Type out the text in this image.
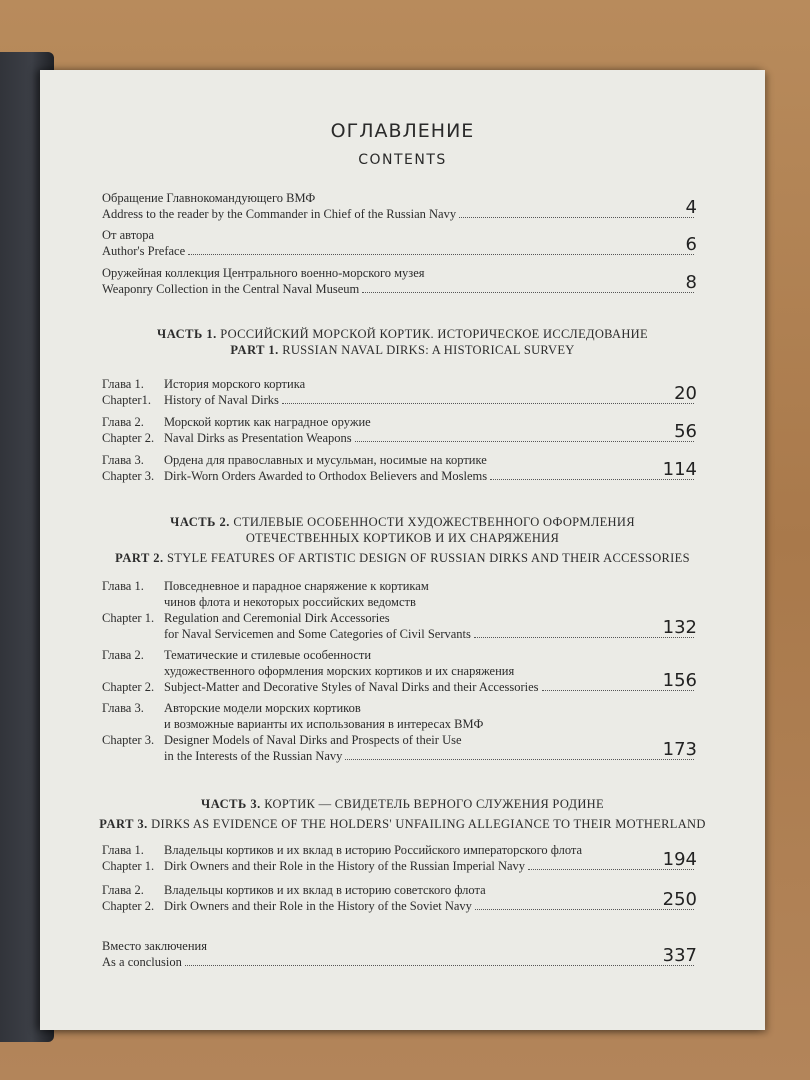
ОГЛАВЛЕНИЕ
CONTENTS
Обращение Главнокомандующего ВМФ
Address to the reader by the Commander in Chief of the Russian Navy	4
От автора
Author's Preface	6
Оружейная коллекция Центрального военно-морского музея
Weaponry Collection in the Central Naval Museum	8
ЧАСТЬ 1. РОССИЙСКИЙ МОРСКОЙ КОРТИК. ИСТОРИЧЕСКОЕ ИССЛЕДОВАНИЕ
PART 1. RUSSIAN NAVAL DIRKS: A HISTORICAL SURVEY
Глава 1.	История морского кортика
Chapter1.	History of Naval Dirks	20
Глава 2.	Морской кортик как наградное оружие
Chapter 2. Naval Dirks as Presentation Weapons	56
Глава 3.	Ордена для православных и мусульман, носимые на кортике
Chapter 3. Dirk-Worn Orders Awarded to Orthodox Believers and Moslems	114
ЧАСТЬ 2. СТИЛЕВЫЕ ОСОБЕННОСТИ ХУДОЖЕСТВЕННОГО ОФОРМЛЕНИЯ
ОТЕЧЕСТВЕННЫХ КОРТИКОВ И ИХ СНАРЯЖЕНИЯ
PART 2. STYLE FEATURES OF ARTISTIC DESIGN OF RUSSIAN DIRKS AND THEIR ACCESSORIES
Глава 1.	Повседневное и парадное снаряжение к кортикам
чинов флота и некоторых российских ведомств
Chapter 1. Regulation and Ceremonial Dirk Accessories
for Naval Servicemen and Some Categories of Civil Servants	132
Глава 2.	Тематические и стилевые особенности
художественного оформления морских кортиков и их снаряжения
Chapter 2. Subject-Matter and Decorative Styles of Naval Dirks and their Accessories	156
Глава 3.	Авторские модели морских кортиков
и возможные варианты их использования в интересах ВМФ
Chapter 3. Designer Models of Naval Dirks and Prospects of their Use
in the Interests of the Russian Navy	173
ЧАСТЬ 3. КОРТИК — СВИДЕТЕЛЬ ВЕРНОГО СЛУЖЕНИЯ РОДИНЕ
PART 3. DIRKS AS EVIDENCE OF THE HOLDERS' UNFAILING ALLEGIANCE TO THEIR MOTHERLAND
Глава 1.	Владельцы кортиков и их вклад в историю Российского императорского флота
Chapter 1. Dirk Owners and their Role in the History of the Russian Imperial Navy	194
Глава 2.	Владельцы кортиков и их вклад в историю советского флота
Chapter 2. Dirk Owners and their Role in the History of the Soviet Navy	250
Вместо заключения
As a conclusion	337
